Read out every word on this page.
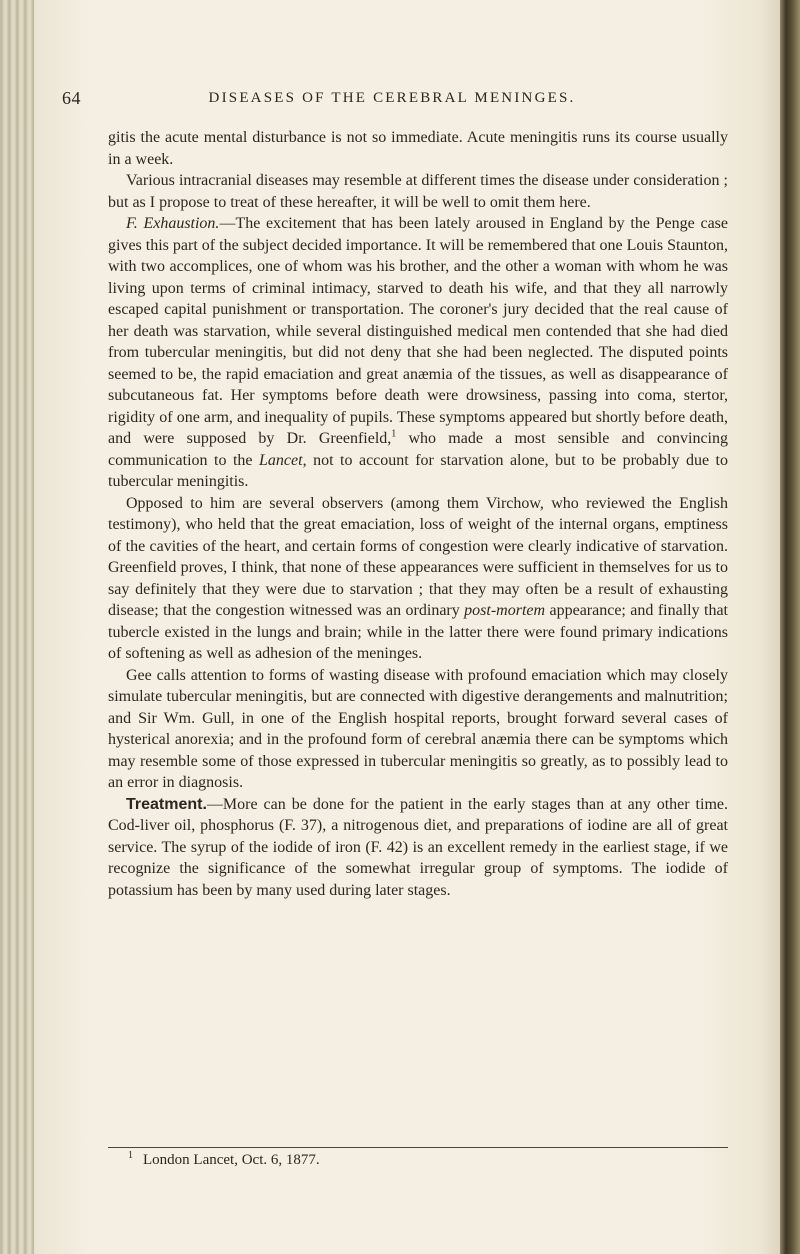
64	DISEASES OF THE CEREBRAL MENINGES.

gitis the acute mental disturbance is not so immediate. Acute meningitis runs its course usually in a week.

Various intracranial diseases may resemble at different times the disease under consideration ; but as I propose to treat of these hereafter, it will be well to omit them here.

F. Exhaustion.—The excitement that has been lately aroused in England by the Penge case gives this part of the subject decided importance. It will be remembered that one Louis Staunton, with two accomplices, one of whom was his brother, and the other a woman with whom he was living upon terms of criminal intimacy, starved to death his wife, and that they all narrowly escaped capital punishment or transportation. The coroner's jury decided that the real cause of her death was starvation, while several distinguished medical men contended that she had died from tubercular meningitis, but did not deny that she had been neglected. The disputed points seemed to be, the rapid emaciation and great anæmia of the tissues, as well as disappearance of subcutaneous fat. Her symptoms before death were drowsiness, passing into coma, stertor, rigidity of one arm, and inequality of pupils. These symptoms appeared but shortly before death, and were supposed by Dr. Greenfield,$^1$ who made a most sensible and convincing communication to the Lancet, not to account for starvation alone, but to be probably due to tubercular meningitis.

Opposed to him are several observers (among them Virchow, who reviewed the English testimony), who held that the great emaciation, loss of weight of the internal organs, emptiness of the cavities of the heart, and certain forms of congestion were clearly indicative of starvation. Greenfield proves, I think, that none of these appearances were sufficient in themselves for us to say definitely that they were due to starvation ; that they may often be a result of exhausting disease; that the congestion witnessed was an ordinary post-mortem appearance; and finally that tubercle existed in the lungs and brain; while in the latter there were found primary indications of softening as well as adhesion of the meninges.

Gee calls attention to forms of wasting disease with profound emaciation which may closely simulate tubercular meningitis, but are connected with digestive derangements and malnutrition; and Sir Wm. Gull, in one of the English hospital reports, brought forward several cases of hysterical anorexia; and in the profound form of cerebral anæmia there can be symptoms which may resemble some of those expressed in tubercular meningitis so greatly, as to possibly lead to an error in diagnosis.

Treatment.—More can be done for the patient in the early stages than at any other time. Cod-liver oil, phosphorus (F. 37), a nitrogenous diet, and preparations of iodine are all of great service. The syrup of the iodide of iron (F. 42) is an excellent remedy in the earliest stage, if we recognize the significance of the somewhat irregular group of symptoms. The iodide of potassium has been by many used during later stages.

$^1$ London Lancet, Oct. 6, 1877.
